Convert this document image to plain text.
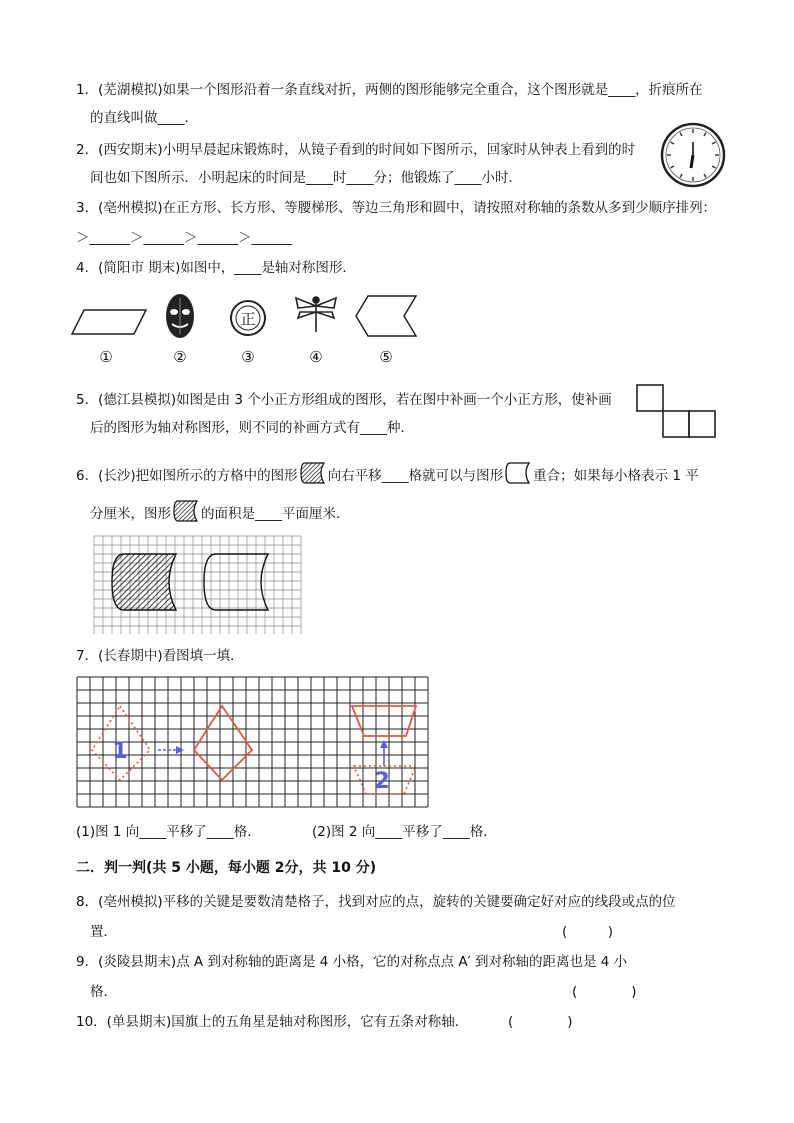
1．(芜湖模拟)如果一个图形沿着一条直线对折，两侧的图形能够完全重合，这个图形就是____，折痕所在
的直线叫做____．
2．(西安期末)小明早晨起床锻炼时，从镜子看到的时间如下图所示，回家时从钟表上看到的时
间也如下图所示．小明起床的时间是____时____分；他锻炼了____小时．
3．(亳州模拟)在正方形、长方形、等腰梯形、等边三角形和圆中，请按照对称轴的条数从多到少顺序排列：
＞______＞______＞______＞______
4．(简阳市 期末)如图中，____是轴对称图形．
正
①	②	③	④	⑤
5．(德江县模拟)如图是由 3 个小正方形组成的图形，若在图中补画一个小正方形，使补画
后的图形为轴对称图形，则不同的补画方式有____种．
6．(长沙)把如图所示的方格中的图形 向右平移____格就可以与图形 重合；如果每小格表示 1 平
分厘米，图形 的面积是____平面厘米．
7．(长春期中)看图填一填．
1
2
(1)图 1 向____平移了____格．	(2)图 2 向____平移了____格．
二．判一判(共 5 小题，每小题 2分，共 10 分)
8．(亳州模拟)平移的关键是要数清楚格子，找到对应的点，旋转的关键要确定好对应的线段或点的位
置．	(　　　)
9．(炎陵县期末)点 A 到对称轴的距离是 4 小格，它的对称点点 A′ 到对称轴的距离也是 4 小
格．	(　　　　)
10．(单县期末)国旗上的五角星是轴对称图形，它有五条对称轴．	(　　　　)
